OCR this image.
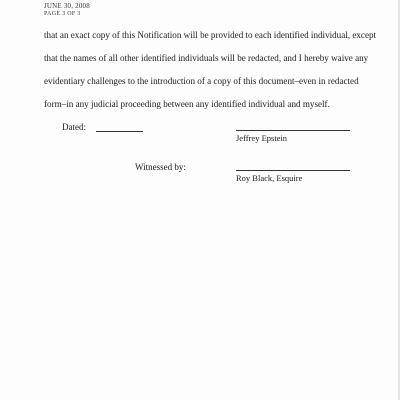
JUNE 30, 2008
PAGE 3 OF 3
that an exact copy of this Notification will be provided to each identified individual, except
that the names of all other identified individuals will be redacted, and I hereby waive any
evidentiary challenges to the introduction of a copy of this document–even in redacted
form–in any judicial proceeding between any identified individual and myself.
Dated:
Jeffrey Epstein
Witnessed by:
Roy Black, Esquire
